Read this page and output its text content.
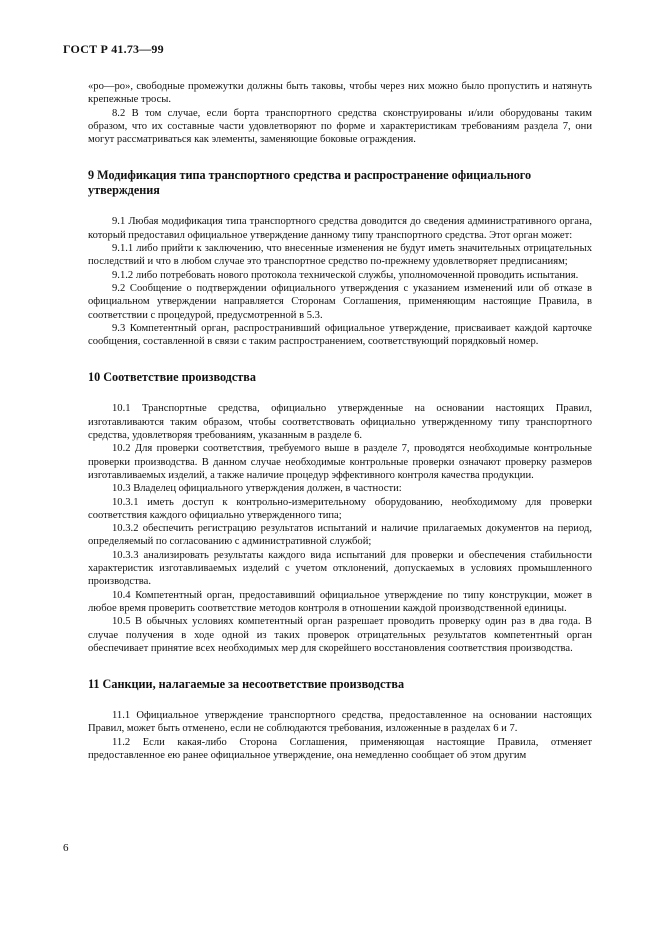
ГОСТ Р 41.73—99

«ро—ро», свободные промежутки должны быть таковы, чтобы через них можно было пропустить и натянуть крепежные тросы.

8.2 В том случае, если борта транспортного средства сконструированы и/или оборудованы таким образом, что их составные части удовлетворяют по форме и характеристикам требованиям раздела 7, они могут рассматриваться как элементы, заменяющие боковые ограждения.

9 Модификация типа транспортного средства и распространение официального утверждения

9.1 Любая модификация типа транспортного средства доводится до сведения административного органа, который предоставил официальное утверждение данному типу транспортного средства. Этот орган может:

9.1.1 либо прийти к заключению, что внесенные изменения не будут иметь значительных отрицательных последствий и что в любом случае это транспортное средство по-прежнему удовлетворяет предписаниям;

9.1.2 либо потребовать нового протокола технической службы, уполномоченной проводить испытания.

9.2 Сообщение о подтверждении официального утверждения с указанием изменений или об отказе в официальном утверждении направляется Сторонам Соглашения, применяющим настоящие Правила, в соответствии с процедурой, предусмотренной в 5.3.

9.3 Компетентный орган, распространивший официальное утверждение, присваивает каждой карточке сообщения, составленной в связи с таким распространением, соответствующий порядковый номер.

10 Соответствие производства

10.1 Транспортные средства, официально утвержденные на основании настоящих Правил, изготавливаются таким образом, чтобы соответствовать официально утвержденному типу транспортного средства, удовлетворяя требованиям, указанным в разделе 6.

10.2 Для проверки соответствия, требуемого выше в разделе 7, проводятся необходимые контрольные проверки производства. В данном случае необходимые контрольные проверки означают проверку размеров изготавливаемых изделий, а также наличие процедур эффективного контроля качества продукции.

10.3 Владелец официального утверждения должен, в частности:

10.3.1 иметь доступ к контрольно-измерительному оборудованию, необходимому для проверки соответствия каждого официально утвержденного типа;

10.3.2 обеспечить регистрацию результатов испытаний и наличие прилагаемых документов на период, определяемый по согласованию с административной службой;

10.3.3 анализировать результаты каждого вида испытаний для проверки и обеспечения стабильности характеристик изготавливаемых изделий с учетом отклонений, допускаемых в условиях промышленного производства.

10.4 Компетентный орган, предоставивший официальное утверждение по типу конструкции, может в любое время проверить соответствие методов контроля в отношении каждой производственной единицы.

10.5 В обычных условиях компетентный орган разрешает проводить проверку один раз в два года. В случае получения в ходе одной из таких проверок отрицательных результатов компетентный орган обеспечивает принятие всех необходимых мер для скорейшего восстановления соответствия производства.

11 Санкции, налагаемые за несоответствие производства

11.1 Официальное утверждение транспортного средства, предоставленное на основании настоящих Правил, может быть отменено, если не соблюдаются требования, изложенные в разделах 6 и 7.

11.2 Если какая-либо Сторона Соглашения, применяющая настоящие Правила, отменяет предоставленное ею ранее официальное утверждение, она немедленно сообщает об этом другим

6
